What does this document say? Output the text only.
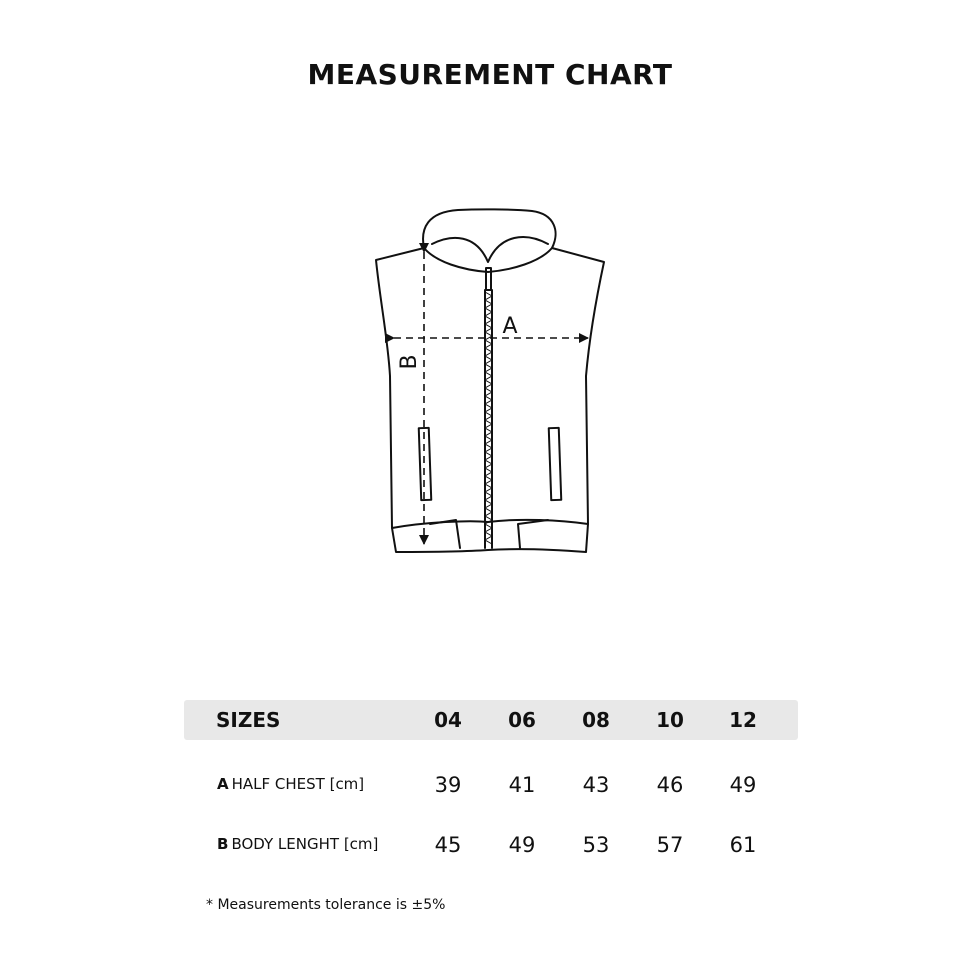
MEASUREMENT CHART
A
B
SIZES	04	06	08	10	12
A HALF CHEST [cm]	39	41	43	46	49
B BODY LENGHT [cm]	45	49	53	57	61
* Measurements tolerance is ±5%
